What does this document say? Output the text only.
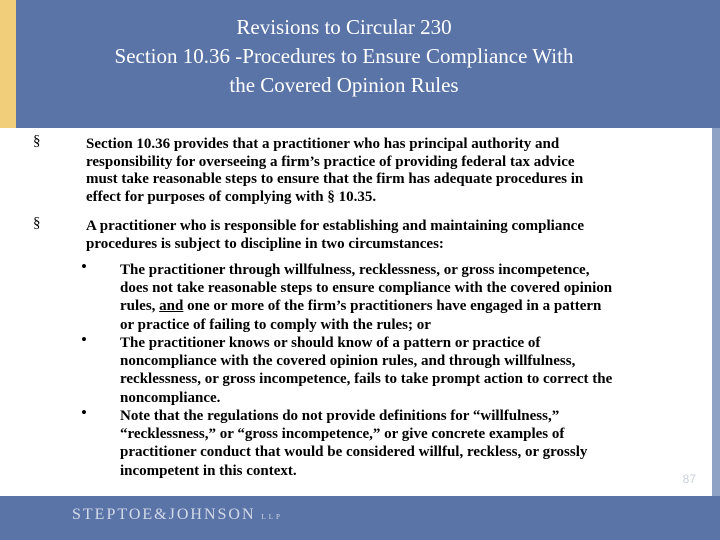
Revisions to Circular 230
Section 10.36 -Procedures to Ensure Compliance With
the Covered Opinion Rules
§	Section 10.36 provides that a practitioner who has principal authority and
responsibility for overseeing a firm’s practice of providing federal tax advice
must take reasonable steps to ensure that the firm has adequate procedures in
effect for purposes of complying with § 10.35.
§	A practitioner who is responsible for establishing and maintaining compliance
procedures is subject to discipline in two circumstances:
• The practitioner through willfulness, recklessness, or gross incompetence,
does not take reasonable steps to ensure compliance with the covered opinion
rules, and one or more of the firm’s practitioners have engaged in a pattern
or practice of failing to comply with the rules; or
• The practitioner knows or should know of a pattern or practice of
noncompliance with the covered opinion rules, and through willfulness,
recklessness, or gross incompetence, fails to take prompt action to correct the
noncompliance.
• Note that the regulations do not provide definitions for “willfulness,”
“recklessness,” or “gross incompetence,” or give concrete examples of
practitioner conduct that would be considered willful, reckless, or grossly
incompetent in this context.
87
STEPTOE&JOHNSON LLP
